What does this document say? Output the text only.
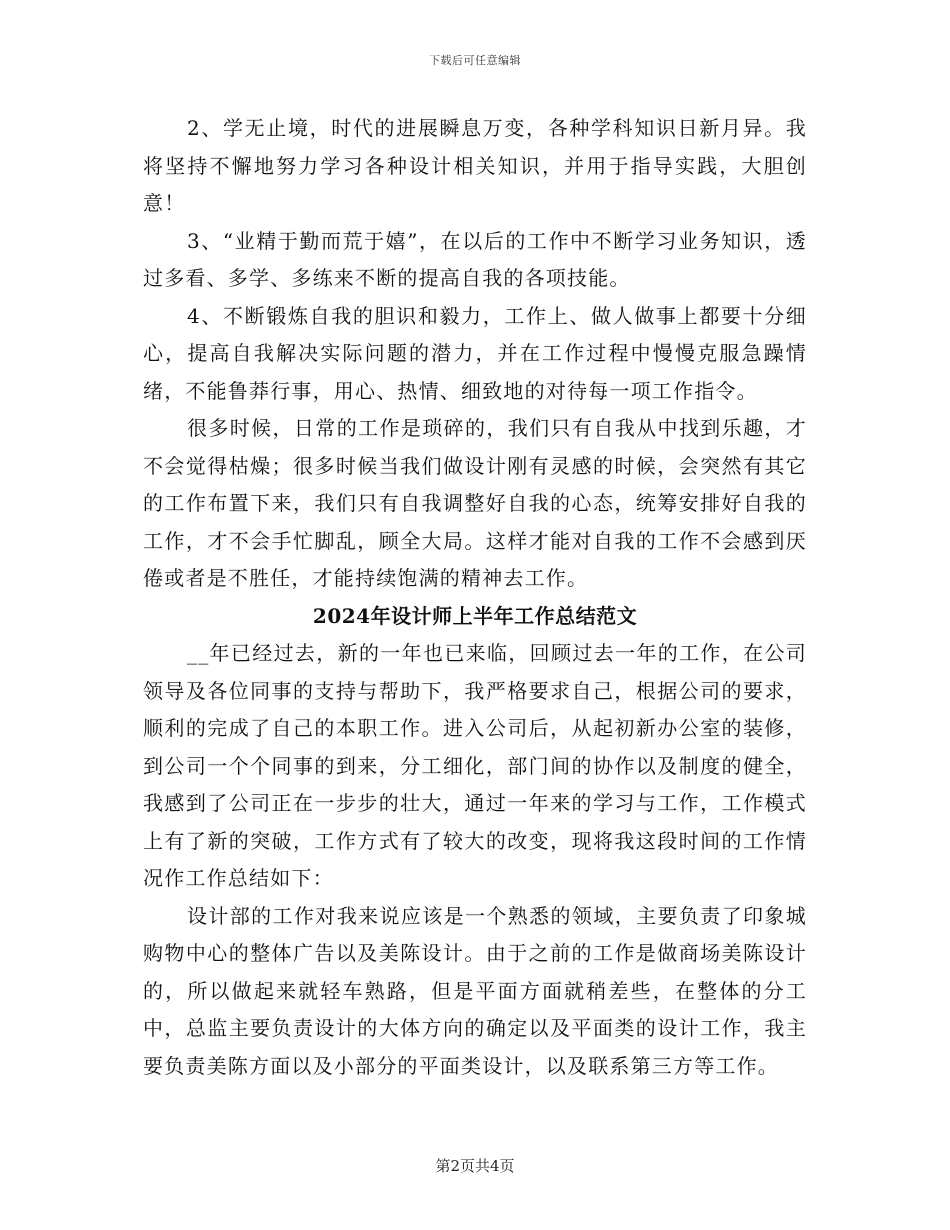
下载后可任意编辑

2、学无止境，时代的进展瞬息万变，各种学科知识日新月异。我将坚持不懈地努力学习各种设计相关知识，并用于指导实践，大胆创意！

3、“业精于勤而荒于嬉”，在以后的工作中不断学习业务知识，透过多看、多学、多练来不断的提高自我的各项技能。

4、不断锻炼自我的胆识和毅力，工作上、做人做事上都要十分细心，提高自我解决实际问题的潜力，并在工作过程中慢慢克服急躁情绪，不能鲁莽行事，用心、热情、细致地的对待每一项工作指令。

很多时候，日常的工作是琐碎的，我们只有自我从中找到乐趣，才不会觉得枯燥；很多时候当我们做设计刚有灵感的时候，会突然有其它的工作布置下来，我们只有自我调整好自我的心态，统筹安排好自我的工作，才不会手忙脚乱，顾全大局。这样才能对自我的工作不会感到厌倦或者是不胜任，才能持续饱满的精神去工作。

2024年设计师上半年工作总结范文

__年已经过去，新的一年也已来临，回顾过去一年的工作，在公司领导及各位同事的支持与帮助下，我严格要求自己，根据公司的要求，顺利的完成了自己的本职工作。进入公司后，从起初新办公室的装修，到公司一个个同事的到来，分工细化，部门间的协作以及制度的健全，我感到了公司正在一步步的壮大，通过一年来的学习与工作，工作模式上有了新的突破，工作方式有了较大的改变，现将我这段时间的工作情况作工作总结如下：

设计部的工作对我来说应该是一个熟悉的领域，主要负责了印象城购物中心的整体广告以及美陈设计。由于之前的工作是做商场美陈设计的，所以做起来就轻车熟路，但是平面方面就稍差些，在整体的分工中，总监主要负责设计的大体方向的确定以及平面类的设计工作，我主要负责美陈方面以及小部分的平面类设计，以及联系第三方等工作。

第2页共4页
